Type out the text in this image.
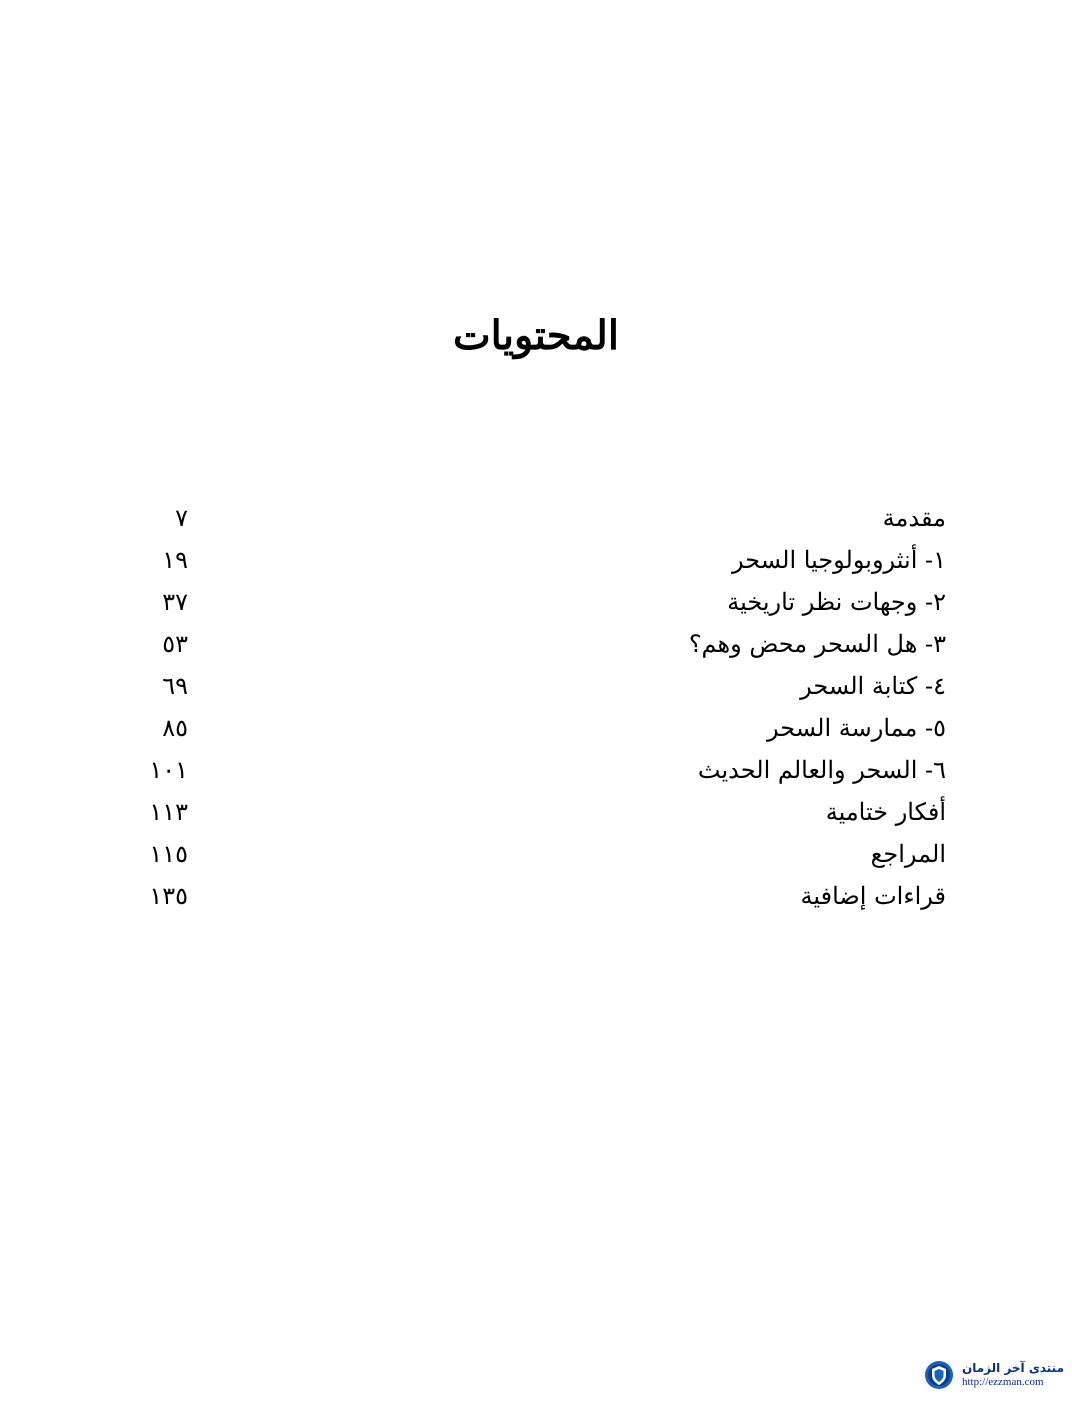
المحتويات
مقدمة
٧
١- أنثروبولوجيا السحر
١٩
٢- وجهات نظر تاريخية
٣٧
٣- هل السحر محض وهم؟
٥٣
٤- كتابة السحر
٦٩
٥- ممارسة السحر
٨٥
٦- السحر والعالم الحديث
١٠١
أفكار ختامية
١١٣
المراجع
١١٥
قراءات إضافية
١٣٥
منتدى آخر الزمان
http://ezzman.com
